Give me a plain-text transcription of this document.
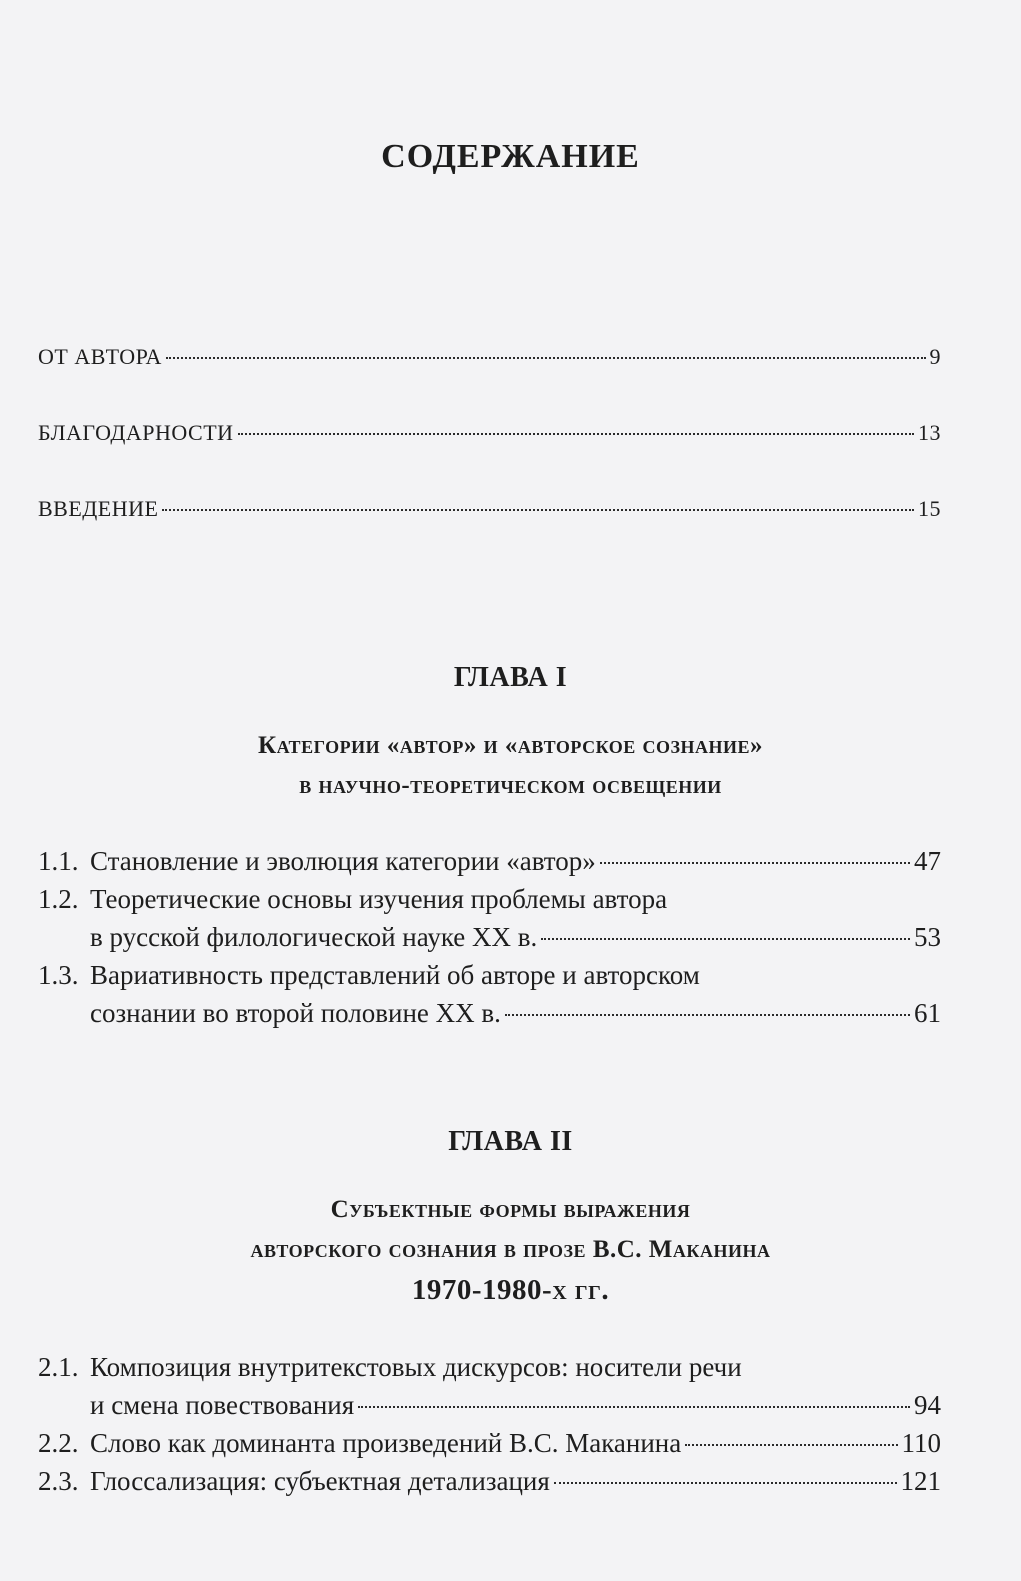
СОДЕРЖАНИЕ
ОТ АВТОРА	9
БЛАГОДАРНОСТИ	13
ВВЕДЕНИЕ	15
ГЛАВА I
Категории «автор» и «авторское сознание»
в научно-теоретическом освещении
1.1. Становление и эволюция категории «автор»	47
1.2. Теоретические основы изучения проблемы автора
в русской филологической науке XX в.	53
1.3. Вариативность представлений об авторе и авторском
сознании во второй половине XX в.	61
ГЛАВА II
Субъектные формы выражения
авторского сознания в прозе В.С. Маканина
1970-1980-х гг.
2.1. Композиция внутритекстовых дискурсов: носители речи
и смена повествования	94
2.2. Слово как доминанта произведений В.С. Маканина	110
2.3. Глоссализация: субъектная детализация	121
